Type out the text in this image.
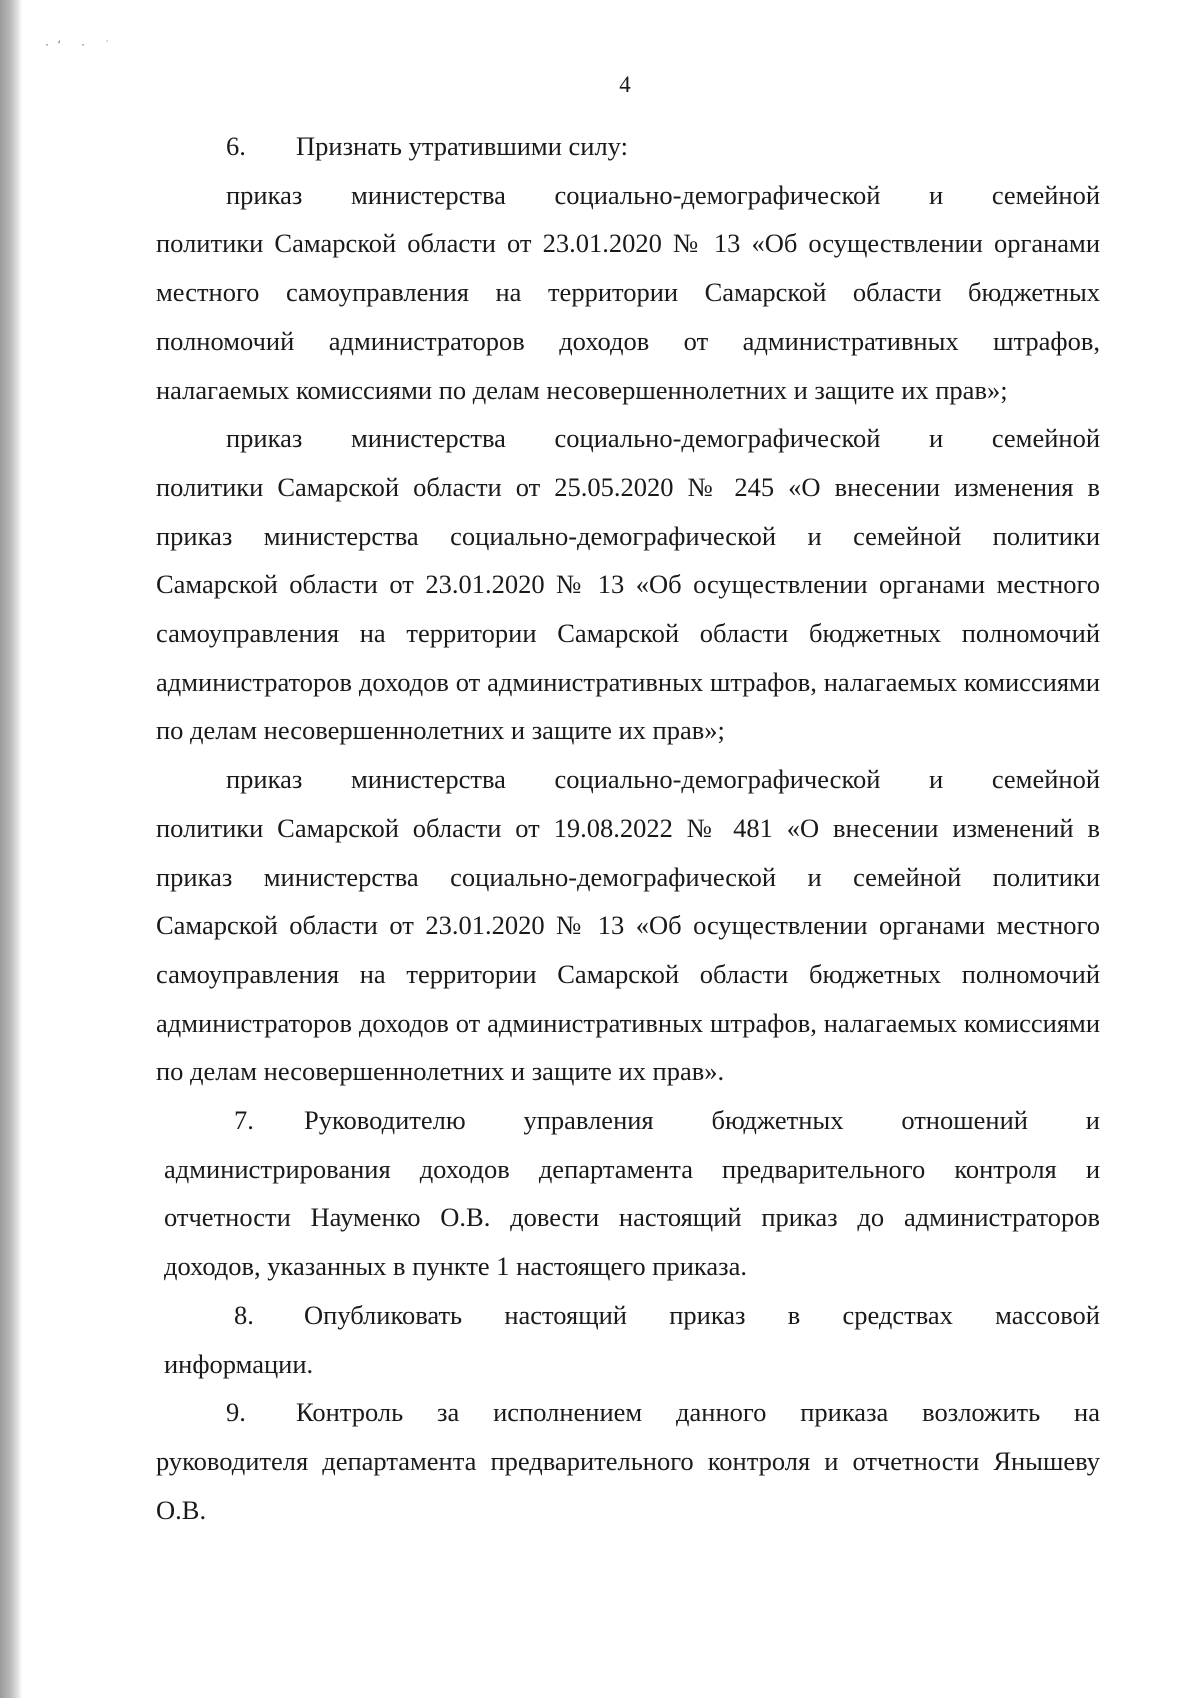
·ʼ · ˙
4
6.	Признать утратившими силу:

приказ министерства социально-демографической и семейной

политики Самарской области от 23.01.2020 № 13 «Об осуществлении органами местного самоуправления на территории Самарской области бюджетных полномочий администраторов доходов от административных штрафов, налагаемых комиссиями по делам несовершеннолетних и защите их прав»;

приказ министерства социально-демографической и семейной

политики Самарской области от 25.05.2020 № 245 «О внесении изменения в приказ министерства социально-демографической и семейной политики Самарской области от 23.01.2020 № 13 «Об осуществлении органами местного самоуправления на территории Самарской области бюджетных полномочий администраторов доходов от административных штрафов, налагаемых комиссиями по делам несовершеннолетних и защите их прав»;

приказ министерства социально-демографической и семейной

политики Самарской области от 19.08.2022 № 481 «О внесении изменений в приказ министерства социально-демографической и семейной политики Самарской области от 23.01.2020 № 13 «Об осуществлении органами местного самоуправления на территории Самарской области бюджетных полномочий администраторов доходов от административных штрафов, налагаемых комиссиями по делам несовершеннолетних и защите их прав».

7.	Руководителю управления бюджетных отношений и

администрирования доходов департамента предварительного контроля и отчетности Науменко О.В. довести настоящий приказ до администраторов доходов, указанных в пункте 1 настоящего приказа.

8.	Опубликовать настоящий приказ в средствах массовой

информации.

9.	Контроль за исполнением данного приказа возложить на

руководителя департамента предварительного контроля и отчетности Янышеву О.В.
